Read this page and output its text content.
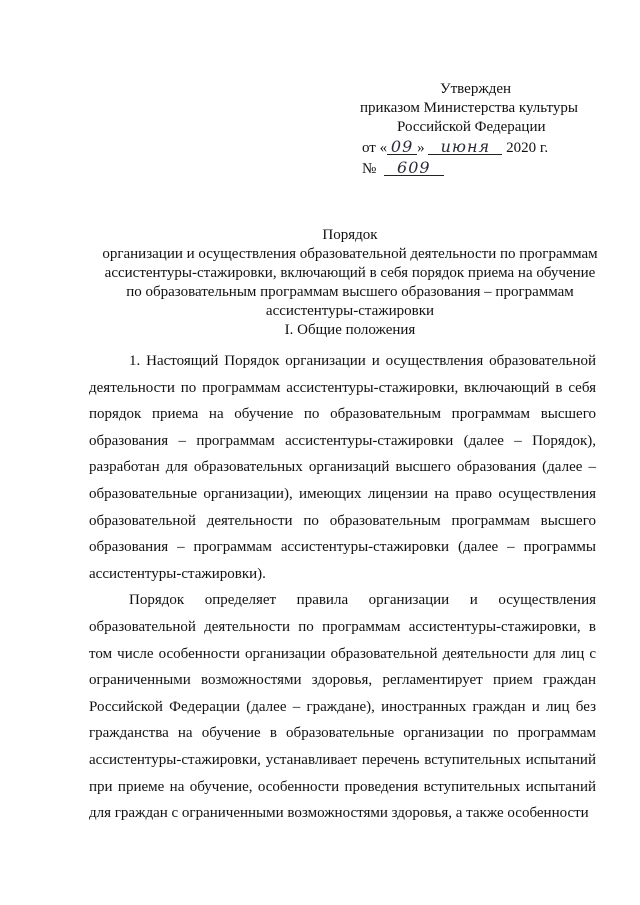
Утвержден
приказом Министерства культуры
Российской Федерации
от « 09 » июня 2020 г.
№ 609
Порядок
организации и осуществления образовательной деятельности по программам
ассистентуры-стажировки, включающий в себя порядок приема на обучение
по образовательным программам высшего образования – программам
ассистентуры-стажировки
I. Общие положения

1. Настоящий Порядок организации и осуществления образовательной деятельности по программам ассистентуры-стажировки, включающий в себя порядок приема на обучение по образовательным программам высшего образования – программам ассистентуры-стажировки (далее – Порядок), разработан для образовательных организаций высшего образования (далее – образовательные организации), имеющих лицензии на право осуществления образовательной деятельности по образовательным программам высшего образования – программам ассистентуры-стажировки (далее – программы ассистентуры-стажировки).

Порядок определяет правила организации и осуществления образовательной деятельности по программам ассистентуры-стажировки, в том числе особенности организации образовательной деятельности для лиц с ограниченными возможностями здоровья, регламентирует прием граждан Российской Федерации (далее – граждане), иностранных граждан и лиц без гражданства на обучение в образовательные организации по программам ассистентуры-стажировки, устанавливает перечень вступительных испытаний при приеме на обучение, особенности проведения вступительных испытаний для граждан с ограниченными возможностями здоровья, а также особенности
